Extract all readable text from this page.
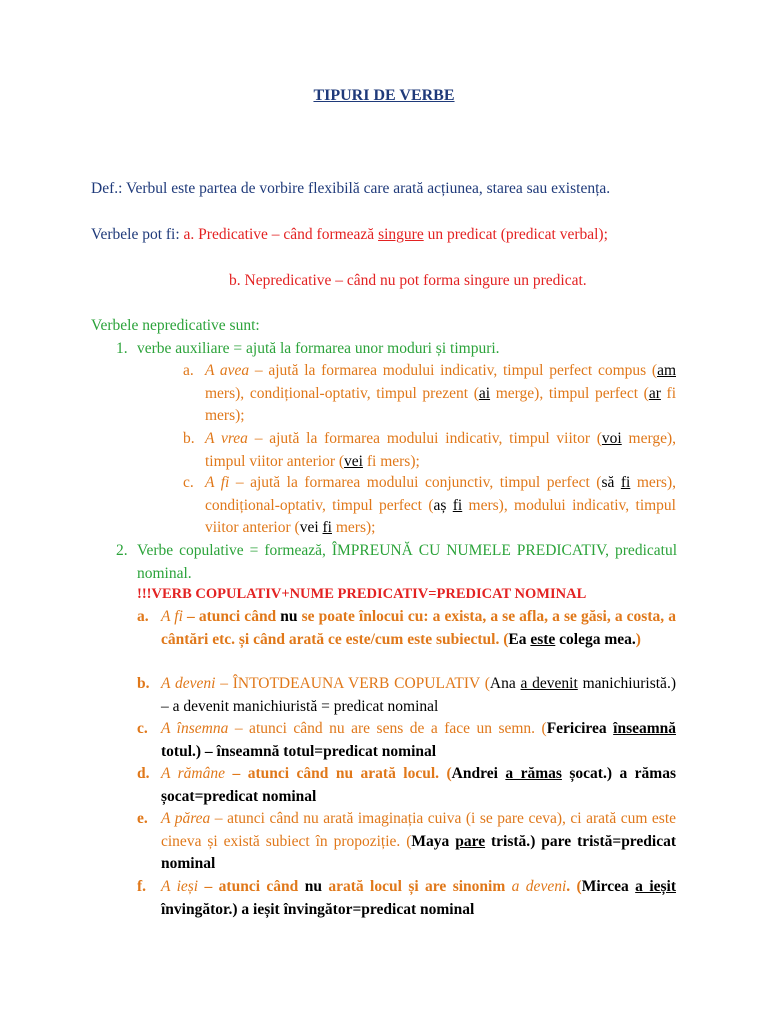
TIPURI DE VERBE
Def.: Verbul este partea de vorbire flexibilă care arată acțiunea, starea sau existența.
Verbele pot fi: a. Predicative – când formează singure un predicat (predicat verbal);
b. Nepredicative – când nu pot forma singure un predicat.
Verbele nepredicative sunt:
1. verbe auxiliare = ajută la formarea unor moduri și timpuri.
a. A avea – ajută la formarea modului indicativ, timpul perfect compus (am mers), condițional-optativ, timpul prezent (ai merge), timpul perfect (ar fi mers);
b. A vrea – ajută la formarea modului indicativ, timpul viitor (voi merge), timpul viitor anterior (vei fi mers);
c. A fi – ajută la formarea modului conjunctiv, timpul perfect (să fi mers), condițional-optativ, timpul perfect (aș fi mers), modului indicativ, timpul viitor anterior (vei fi mers);
2. Verbe copulative = formează, ÎMPREUNĂ CU NUMELE PREDICATIV, predicatul nominal.
!!!VERB COPULATIV+NUME PREDICATIV=PREDICAT NOMINAL
a. A fi – atunci când nu se poate înlocui cu: a exista, a se afla, a se găsi, a costa, a cântări etc. și când arată ce este/cum este subiectul. (Ea este colega mea.)
b. A deveni – ÎNTOTDEAUNA VERB COPULATIV (Ana a devenit manichiuristă.) – a devenit manichiuristă = predicat nominal
c. A însemna – atunci când nu are sens de a face un semn. (Fericirea înseamnă totul.) – înseamnă totul=predicat nominal
d. A rămâne – atunci când nu arată locul. (Andrei a rămas șocat.) a rămas șocat=predicat nominal
e. A părea – atunci când nu arată imaginația cuiva (i se pare ceva), ci arată cum este cineva și există subiect în propoziție. (Maya pare tristă.) pare tristă=predicat nominal
f. A ieși – atunci când nu arată locul și are sinonim a deveni. (Mircea a ieșit învingător.) a ieșit învingător=predicat nominal
